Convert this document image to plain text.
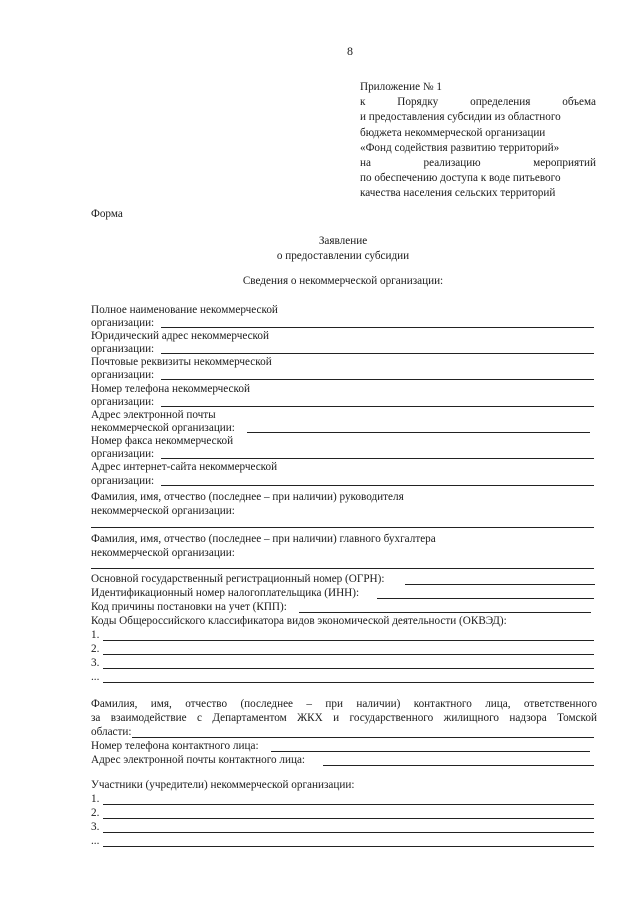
8
Приложение № 1
к Порядку определения объема
и предоставления субсидии из областного
бюджета некоммерческой организации
«Фонд содействия развитию территорий»
на реализацию мероприятий
по обеспечению доступа к воде питьевого
качества населения сельских территорий
Форма
Заявление
о предоставлении субсидии
Сведения о некоммерческой организации:
Полное наименование некоммерческой
организации:
Юридический адрес некоммерческой
организации:
Почтовые реквизиты некоммерческой
организации:
Номер телефона некоммерческой
организации:
Адрес электронной почты
некоммерческой организации:
Номер факса некоммерческой
организации:
Адрес интернет-сайта некоммерческой
организации:
Фамилия, имя, отчество (последнее – при наличии) руководителя
некоммерческой организации:
Фамилия, имя, отчество (последнее – при наличии) главного бухгалтера
некоммерческой организации:
Основной государственный регистрационный номер (ОГРН):
Идентификационный номер налогоплательщика (ИНН):
Код причины постановки на учет (КПП):
Коды Общероссийского классификатора видов экономической деятельности (ОКВЭД):
1.
2.
3.
...
Фамилия, имя, отчество (последнее – при наличии) контактного лица, ответственного
за взаимодействие с Департаментом ЖКХ и государственного жилищного надзора Томской
области:
Номер телефона контактного лица:
Адрес электронной почты контактного лица:
Участники (учредители) некоммерческой организации:
1.
2.
3.
...
